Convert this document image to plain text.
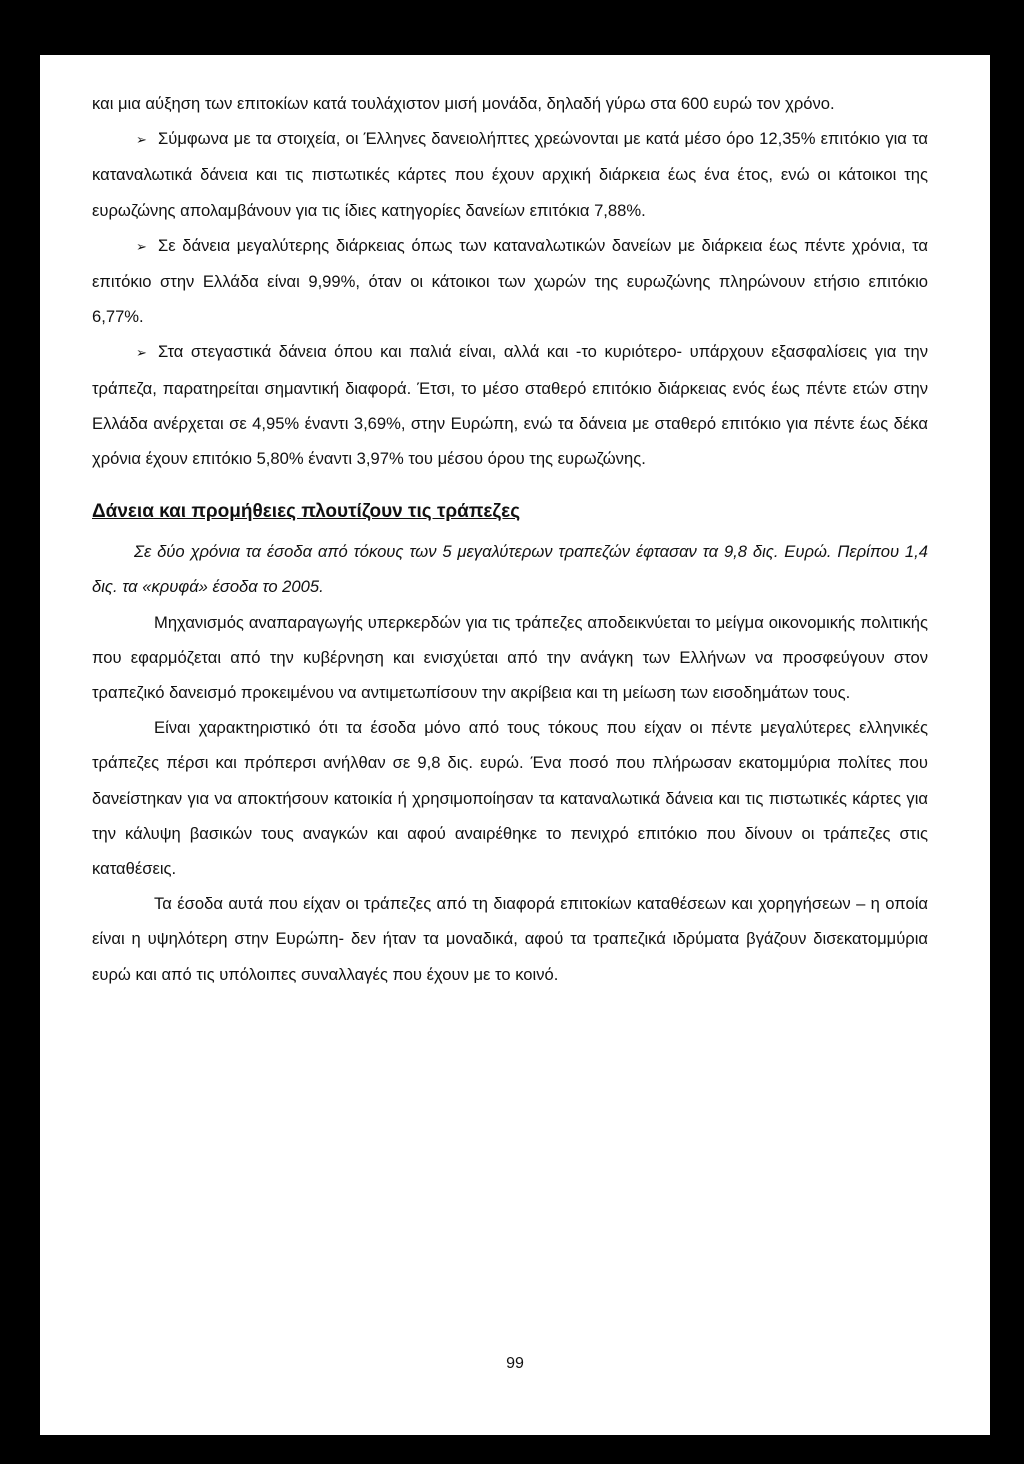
και μια αύξηση των επιτοκίων κατά τουλάχιστον μισή μονάδα, δηλαδή γύρω στα 600 ευρώ τον χρόνο.

➢ Σύμφωνα με τα στοιχεία, οι Έλληνες δανειολήπτες χρεώνονται με κατά μέσο όρο 12,35% επιτόκιο για τα καταναλωτικά δάνεια και τις πιστωτικές κάρτες που έχουν αρχική διάρκεια έως ένα έτος, ενώ οι κάτοικοι της ευρωζώνης απολαμβάνουν για τις ίδιες κατηγορίες δανείων επιτόκια 7,88%.

➢ Σε δάνεια μεγαλύτερης διάρκειας όπως των καταναλωτικών δανείων με διάρκεια έως πέντε χρόνια, τα επιτόκιο στην Ελλάδα είναι 9,99%, όταν οι κάτοικοι των χωρών της ευρωζώνης πληρώνουν ετήσιο επιτόκιο 6,77%.

➢ Στα στεγαστικά δάνεια όπου και παλιά είναι, αλλά και -το κυριότερο- υπάρχουν εξασφαλίσεις για την τράπεζα, παρατηρείται σημαντική διαφορά. Έτσι, το μέσο σταθερό επιτόκιο διάρκειας ενός έως πέντε ετών στην Ελλάδα ανέρχεται σε 4,95% έναντι 3,69%, στην Ευρώπη, ενώ τα δάνεια με σταθερό επιτόκιο για πέντε έως δέκα χρόνια έχουν επιτόκιο 5,80% έναντι 3,97% του μέσου όρου της ευρωζώνης.

Δάνεια και προμήθειες πλουτίζουν τις τράπεζες

Σε δύο χρόνια τα έσοδα από τόκους των 5 μεγαλύτερων τραπεζών έφτασαν τα 9,8 δις. Ευρώ. Περίπου 1,4 δις. τα «κρυφά» έσοδα το 2005.

Μηχανισμός αναπαραγωγής υπερκερδών για τις τράπεζες αποδεικνύεται το μείγμα οικονομικής πολιτικής που εφαρμόζεται από την κυβέρνηση και ενισχύεται από την ανάγκη των Ελλήνων να προσφεύγουν στον τραπεζικό δανεισμό προκειμένου να αντιμετωπίσουν την ακρίβεια και τη μείωση των εισοδημάτων τους.

Είναι χαρακτηριστικό ότι τα έσοδα μόνο από τους τόκους που είχαν οι πέντε μεγαλύτερες ελληνικές τράπεζες πέρσι και πρόπερσι ανήλθαν σε 9,8 δις. ευρώ. Ένα ποσό που πλήρωσαν εκατομμύρια πολίτες που δανείστηκαν για να αποκτήσουν κατοικία ή χρησιμοποίησαν τα καταναλωτικά δάνεια και τις πιστωτικές κάρτες για την κάλυψη βασικών τους αναγκών και αφού αναιρέθηκε το πενιχρό επιτόκιο που δίνουν οι τράπεζες στις καταθέσεις.

Τα έσοδα αυτά που είχαν οι τράπεζες από τη διαφορά επιτοκίων καταθέσεων και χορηγήσεων – η οποία είναι η υψηλότερη στην Ευρώπη- δεν ήταν τα μοναδικά, αφού τα τραπεζικά ιδρύματα βγάζουν δισεκατομμύρια ευρώ και από τις υπόλοιπες συναλλαγές που έχουν με το κοινό.

99
